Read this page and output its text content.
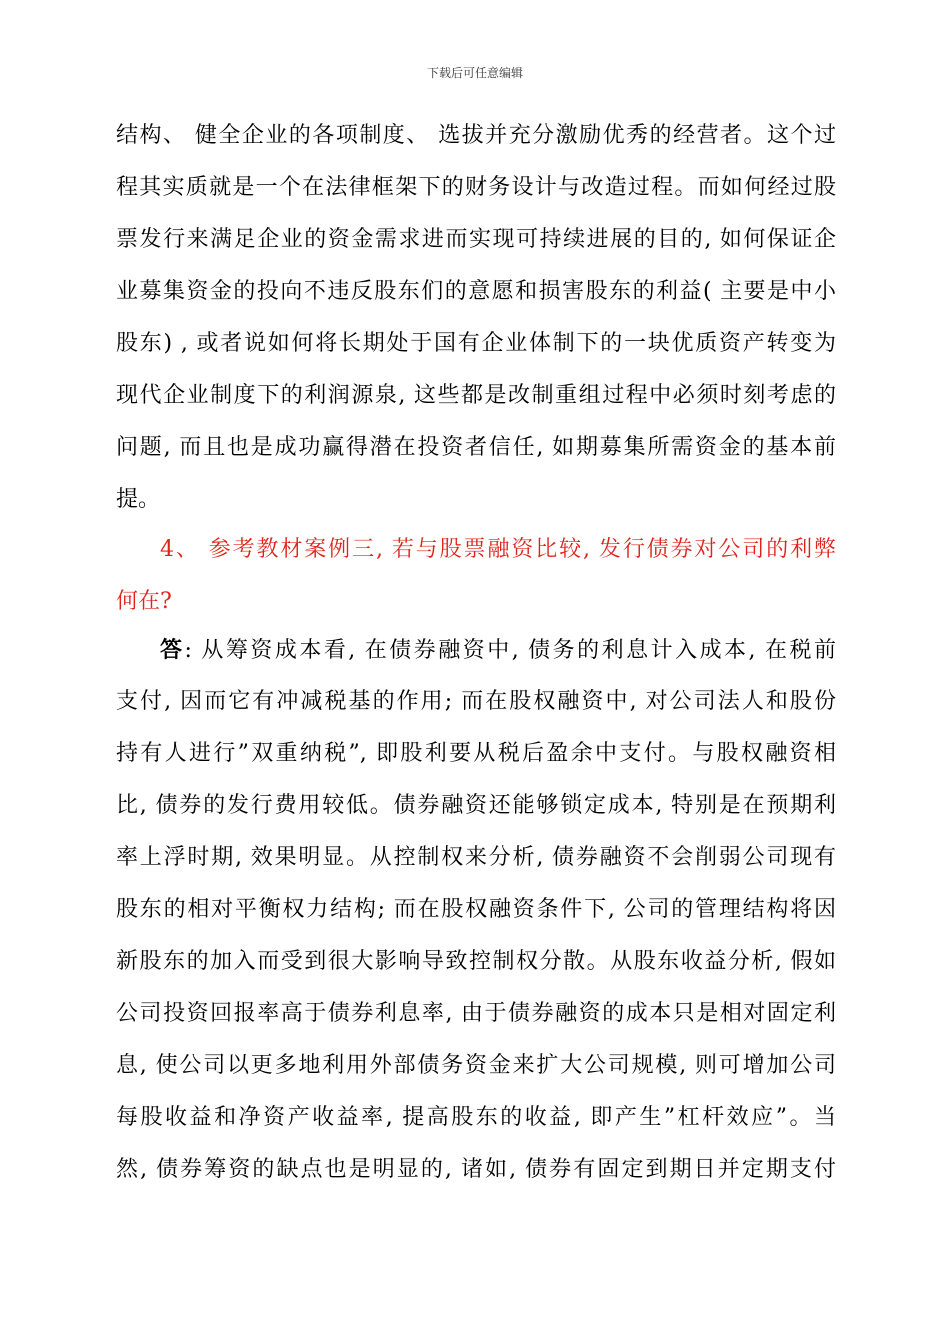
下载后可任意编辑
结构、 健全企业的各项制度、 选拔并充分激励优秀的经营者。这个过
程其实质就是一个在法律框架下的财务设计与改造过程。而如何经过股
票发行来满足企业的资金需求进而实现可持续进展的目的, 如何保证企
业募集资金的投向不违反股东们的意愿和损害股东的利益( 主要是中小
股东) , 或者说如何将长期处于国有企业体制下的一块优质资产转变为
现代企业制度下的利润源泉, 这些都是改制重组过程中必须时刻考虑的
问题, 而且也是成功赢得潜在投资者信任, 如期募集所需资金的基本前
提。
4、 参考教材案例三, 若与股票融资比较, 发行债券对公司的利弊
何在?
答: 从筹资成本看, 在债券融资中, 债务的利息计入成本, 在税前
支付, 因而它有冲减税基的作用; 而在股权融资中, 对公司法人和股份
持有人进行”双重纳税”, 即股利要从税后盈余中支付。与股权融资相
比, 债券的发行费用较低。债券融资还能够锁定成本, 特别是在预期利
率上浮时期, 效果明显。从控制权来分析, 债券融资不会削弱公司现有
股东的相对平衡权力结构; 而在股权融资条件下, 公司的管理结构将因
新股东的加入而受到很大影响导致控制权分散。从股东收益分析, 假如
公司投资回报率高于债券利息率, 由于债券融资的成本只是相对固定利
息, 使公司以更多地利用外部债务资金来扩大公司规模, 则可增加公司
每股收益和净资产收益率, 提高股东的收益, 即产生”杠杆效应”。当
然, 债券筹资的缺点也是明显的, 诸如, 债券有固定到期日并定期支付
